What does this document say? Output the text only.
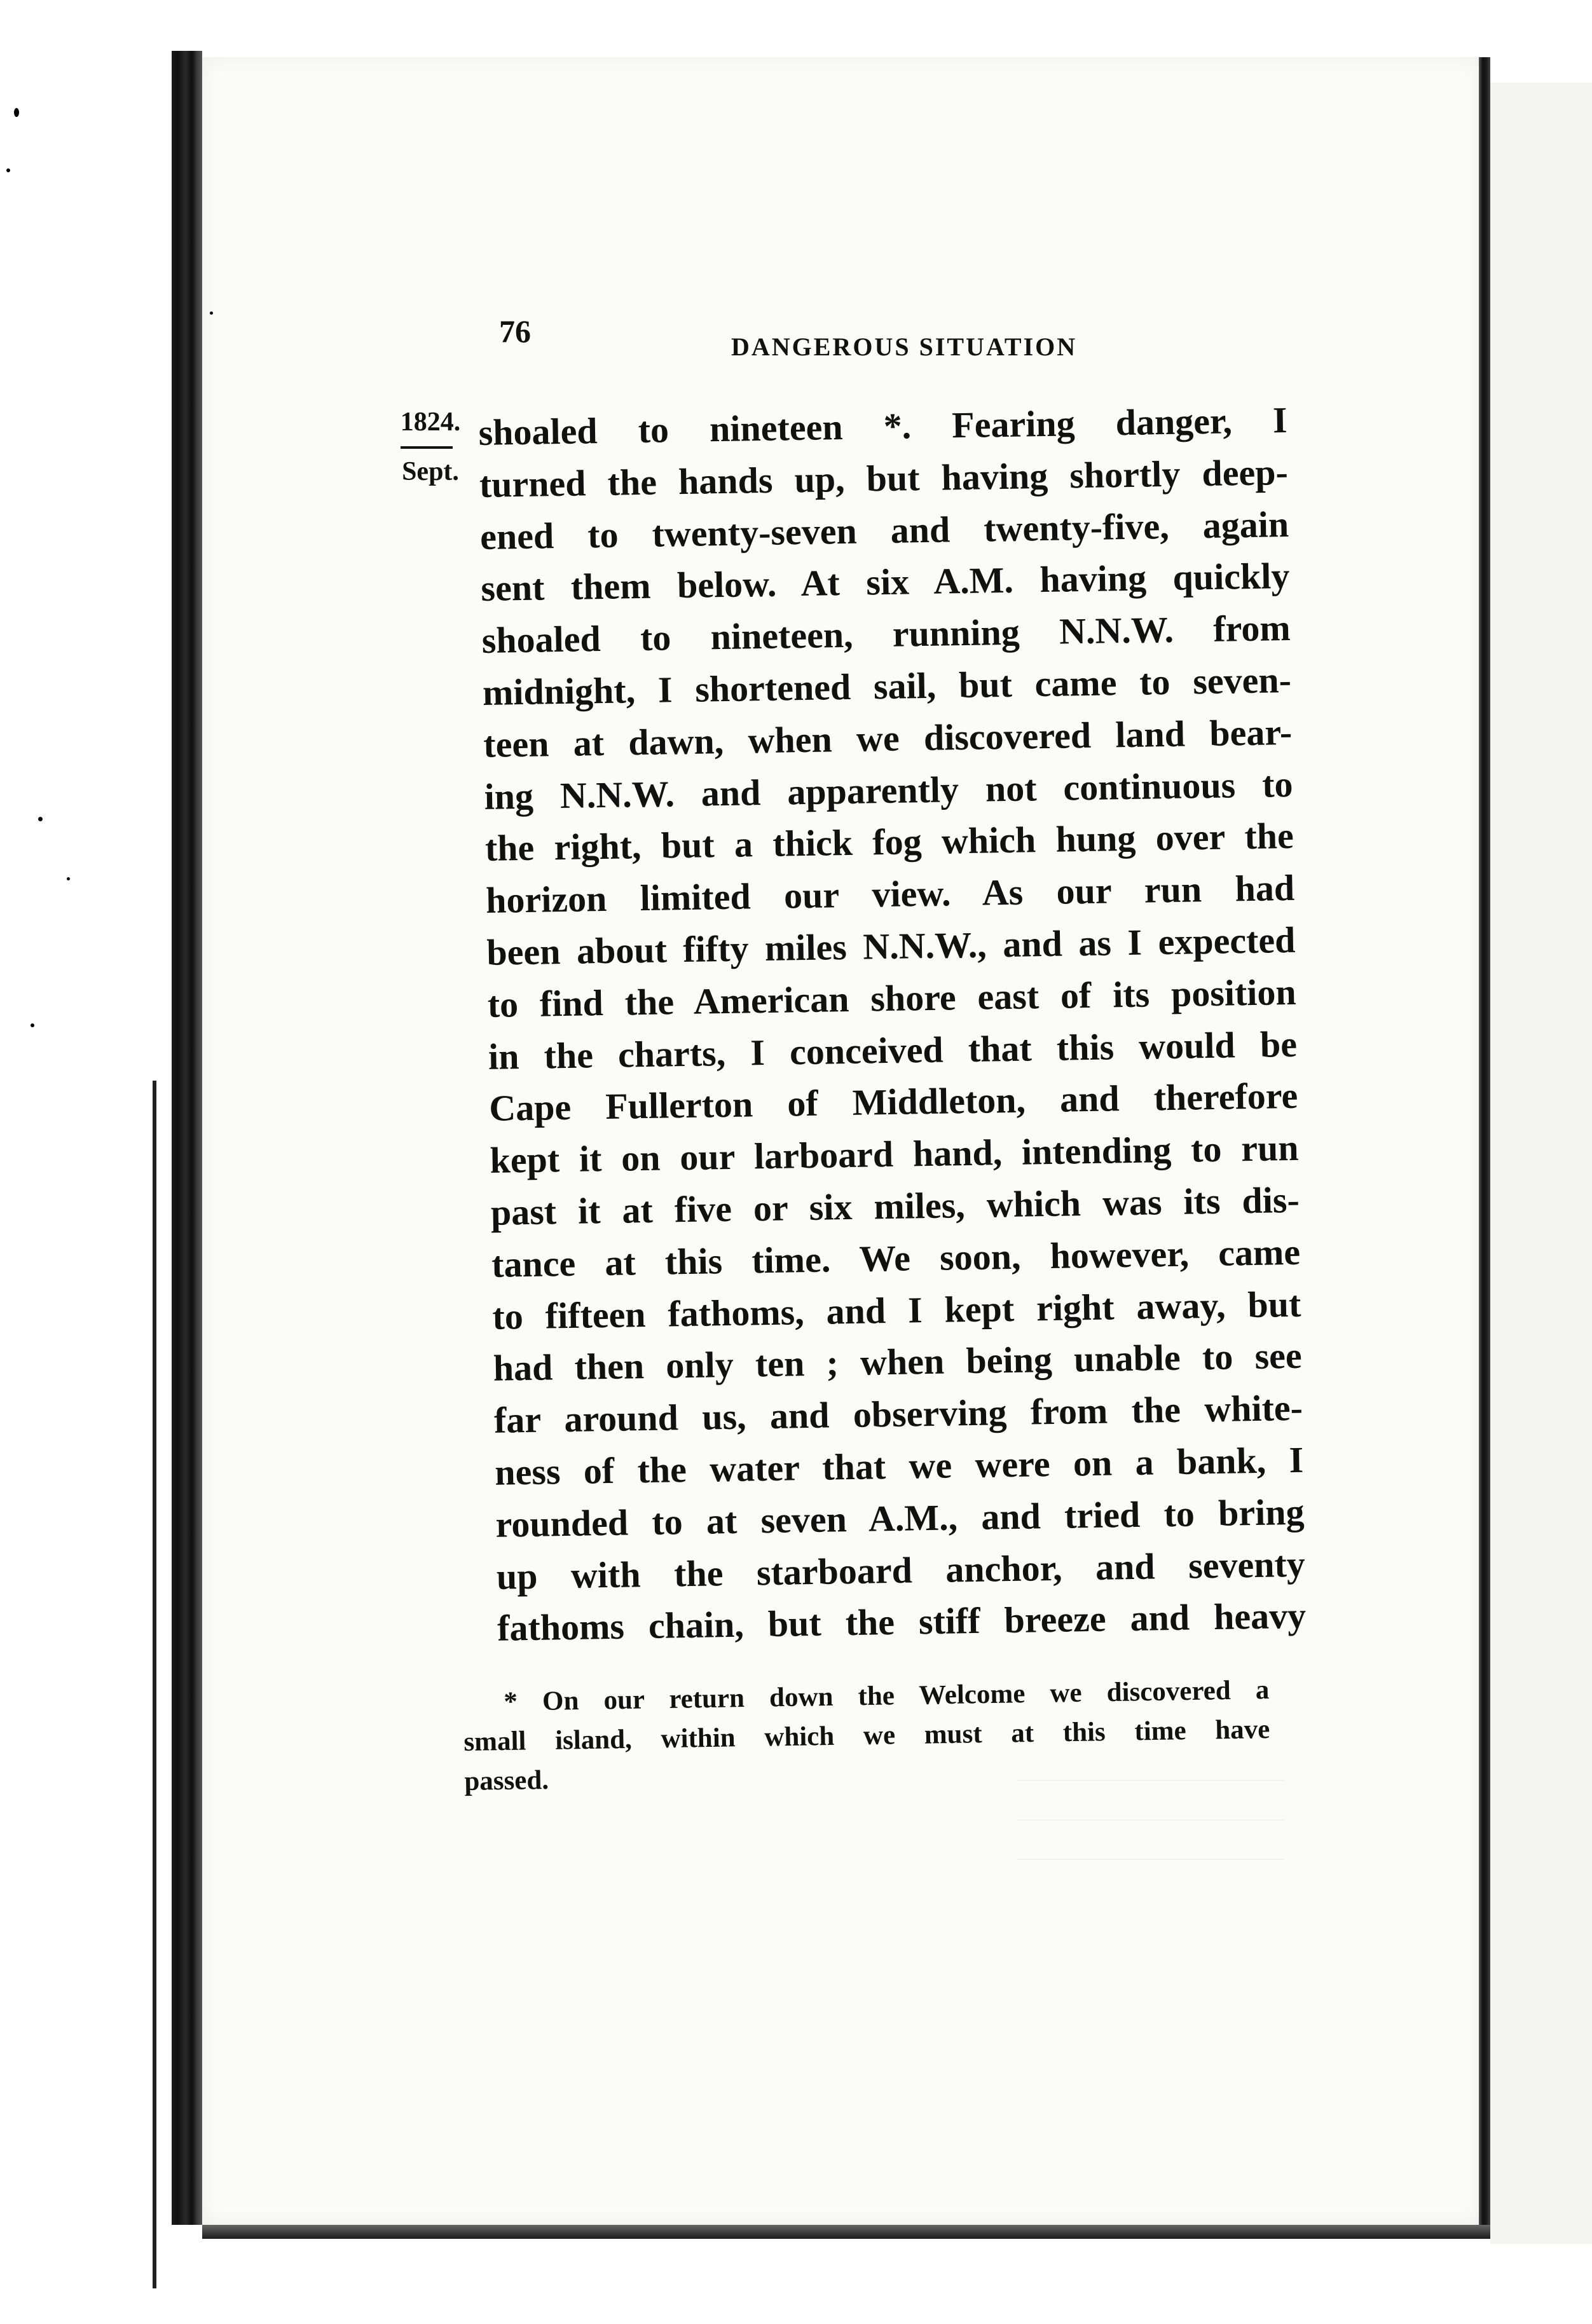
76	DANGEROUS SITUATION
1824.
Sept.
shoaled to nineteen *. Fearing danger, I
turned the hands up, but having shortly deep-
ened to twenty-seven and twenty-five, again
sent them below. At six A.M. having quickly
shoaled to nineteen, running N.N.W. from
midnight, I shortened sail, but came to seven-
teen at dawn, when we discovered land bear-
ing N.N.W. and apparently not continuous to
the right, but a thick fog which hung over the
horizon limited our view. As our run had
been about fifty miles N.N.W., and as I expected
to find the American shore east of its position
in the charts, I conceived that this would be
Cape Fullerton of Middleton, and therefore
kept it on our larboard hand, intending to run
past it at five or six miles, which was its dis-
tance at this time. We soon, however, came
to fifteen fathoms, and I kept right away, but
had then only ten ; when being unable to see
far around us, and observing from the white-
ness of the water that we were on a bank, I
rounded to at seven A.M., and tried to bring
up with the starboard anchor, and seventy
fathoms chain, but the stiff breeze and heavy
* On our return down the Welcome we discovered a
small island, within which we must at this time have
passed.
